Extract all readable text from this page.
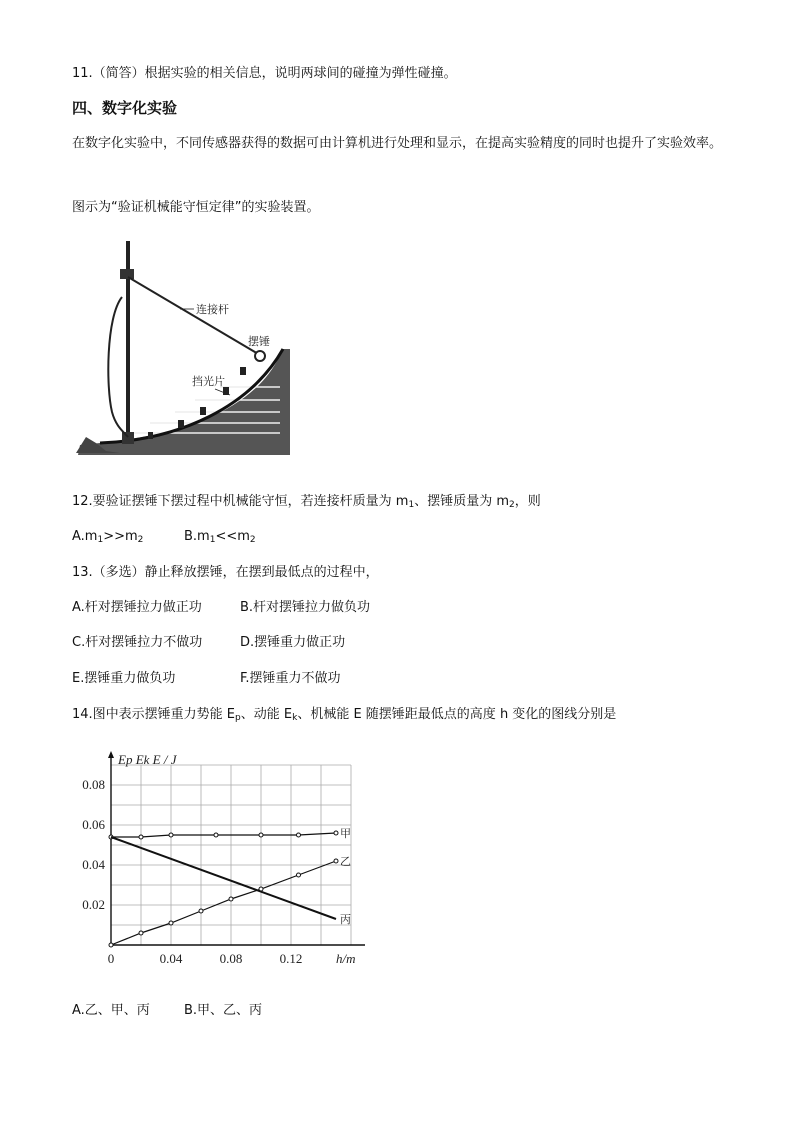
11.（简答）根据实验的相关信息，说明两球间的碰撞为弹性碰撞。
四、数字化实验
在数字化实验中，不同传感器获得的数据可由计算机进行处理和显示，在提高实验精度的同时也提升了实验效率。
图示为“验证机械能守恒定律”的实验装置。
连接杆
摆锤
挡光片
12.要验证摆锤下摆过程中机械能守恒，若连接杆质量为 $m_1$、摆锤质量为 $m_2$，则
$A.m_1>>m_2$	$B.m_1<<m_2$
13.（多选）静止释放摆锤，在摆到最低点的过程中，
A.杆对摆锤拉力做正功	B.杆对摆锤拉力做负功
C.杆对摆锤拉力不做功	D.摆锤重力做正功
E.摆锤重力做负功	F.摆锤重力不做功
14.图中表示摆锤重力势能 $E_p$、动能 $E_k$、机械能 E 随摆锤距最低点的高度 h 变化的图线分别是
甲
乙
丙
0	0.04	0.08	0.12
0.02
0.04
0.06
0.08
Ep Ek E / J
h/m
A.乙、甲、丙	B.甲、乙、丙
